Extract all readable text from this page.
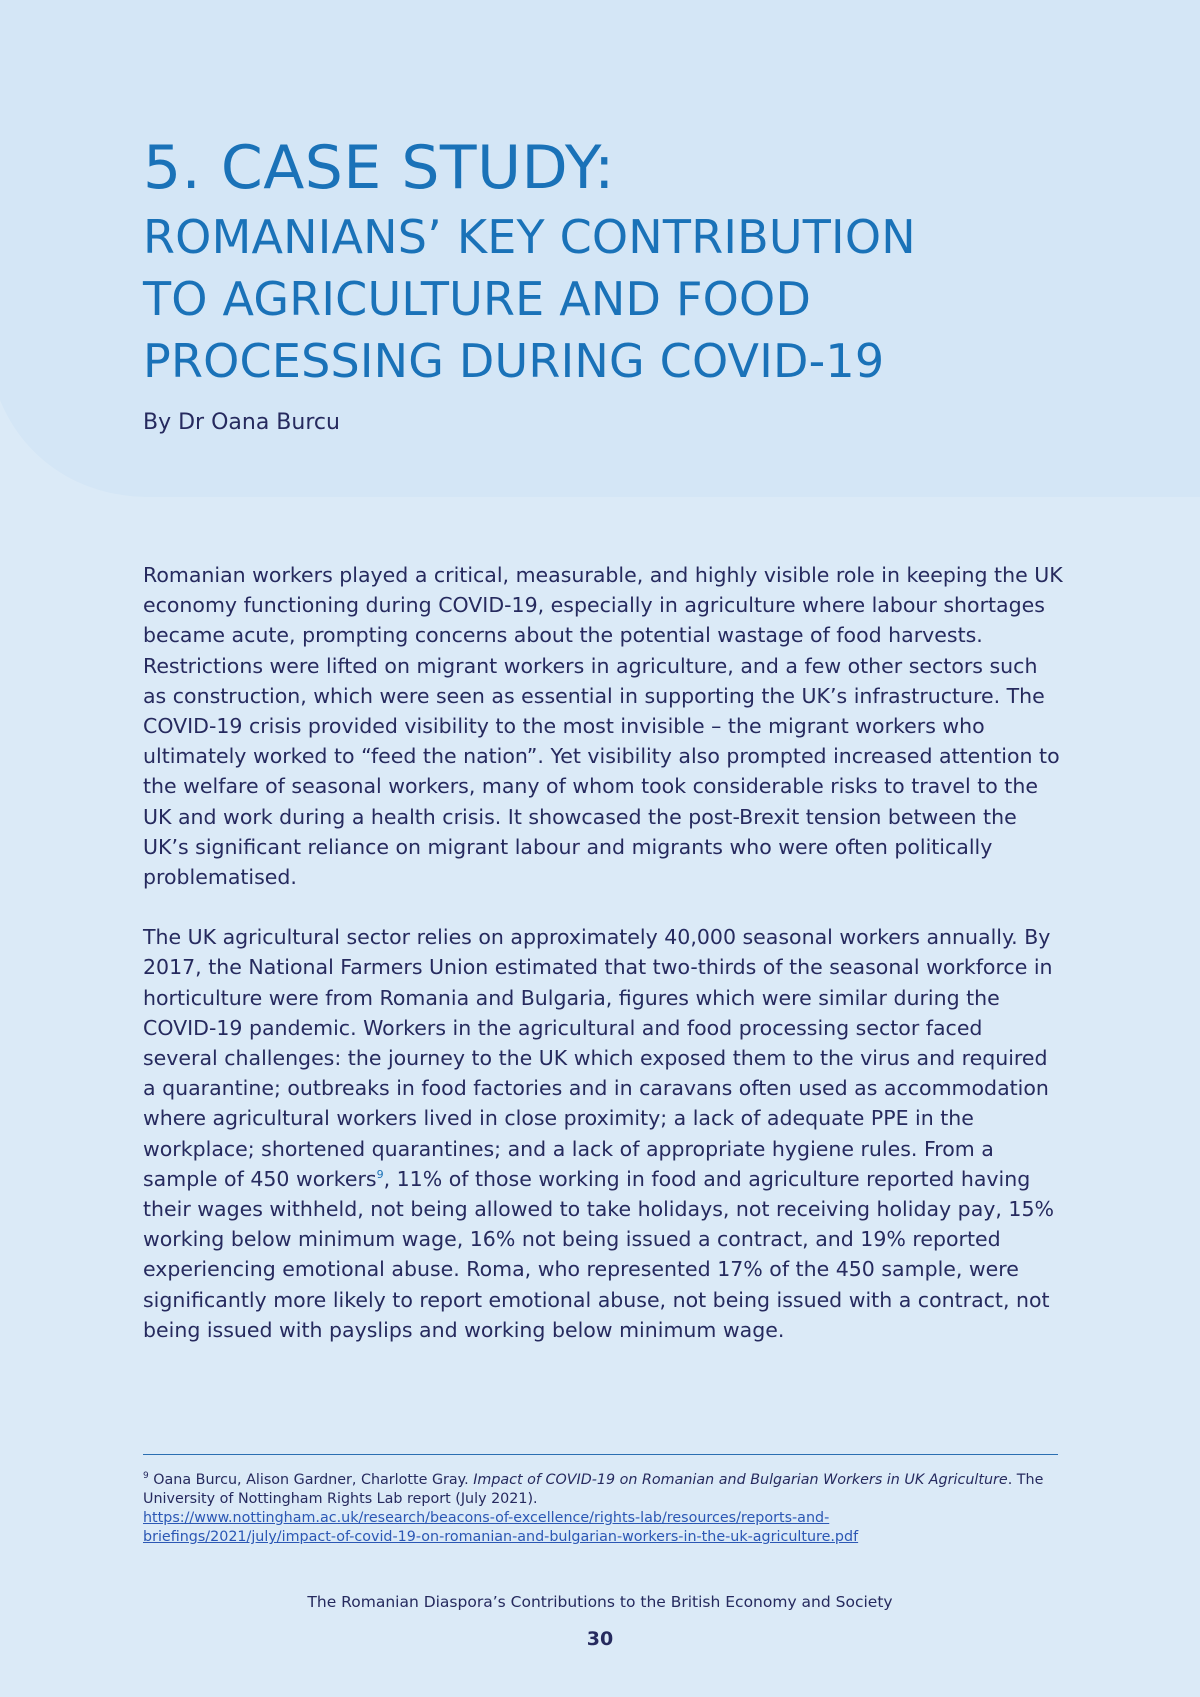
5. CASE STUDY:
ROMANIANS’ KEY CONTRIBUTION
TO AGRICULTURE AND FOOD
PROCESSING DURING COVID-19

By Dr Oana Burcu

Romanian workers played a critical, measurable, and highly visible role in keeping the UK economy functioning during COVID-19, especially in agriculture where labour shortages became acute, prompting concerns about the potential wastage of food harvests. Restrictions were lifted on migrant workers in agriculture, and a few other sectors such as construction, which were seen as essential in supporting the UK’s infrastructure. The COVID-19 crisis provided visibility to the most invisible – the migrant workers who ultimately worked to “feed the nation”. Yet visibility also prompted increased attention to the welfare of seasonal workers, many of whom took considerable risks to travel to the UK and work during a health crisis. It showcased the post-Brexit tension between the UK’s significant reliance on migrant labour and migrants who were often politically problematised.

The UK agricultural sector relies on approximately 40,000 seasonal workers annually. By 2017, the National Farmers Union estimated that two-thirds of the seasonal workforce in horticulture were from Romania and Bulgaria, figures which were similar during the COVID-19 pandemic. Workers in the agricultural and food processing sector faced several challenges: the journey to the UK which exposed them to the virus and required a quarantine; outbreaks in food factories and in caravans often used as accommodation where agricultural workers lived in close proximity; a lack of adequate PPE in the workplace; shortened quarantines; and a lack of appropriate hygiene rules. From a sample of 450 workers$^9$, 11% of those working in food and agriculture reported having their wages withheld, not being allowed to take holidays, not receiving holiday pay, 15% working below minimum wage, 16% not being issued a contract, and 19% reported experiencing emotional abuse. Roma, who represented 17% of the 450 sample, were significantly more likely to report emotional abuse, not being issued with a contract, not being issued with payslips and working below minimum wage.

$^9$ Oana Burcu, Alison Gardner, Charlotte Gray. Impact of COVID-19 on Romanian and Bulgarian Workers in UK Agriculture. The University of Nottingham Rights Lab report (July 2021).

https://www.nottingham.ac.uk/research/beacons-of-excellence/rights-lab/resources/reports-and-
briefings/2021/july/impact-of-covid-19-on-romanian-and-bulgarian-workers-in-the-uk-agriculture.pdf
The Romanian Diaspora’s Contributions to the British Economy and Society
30
